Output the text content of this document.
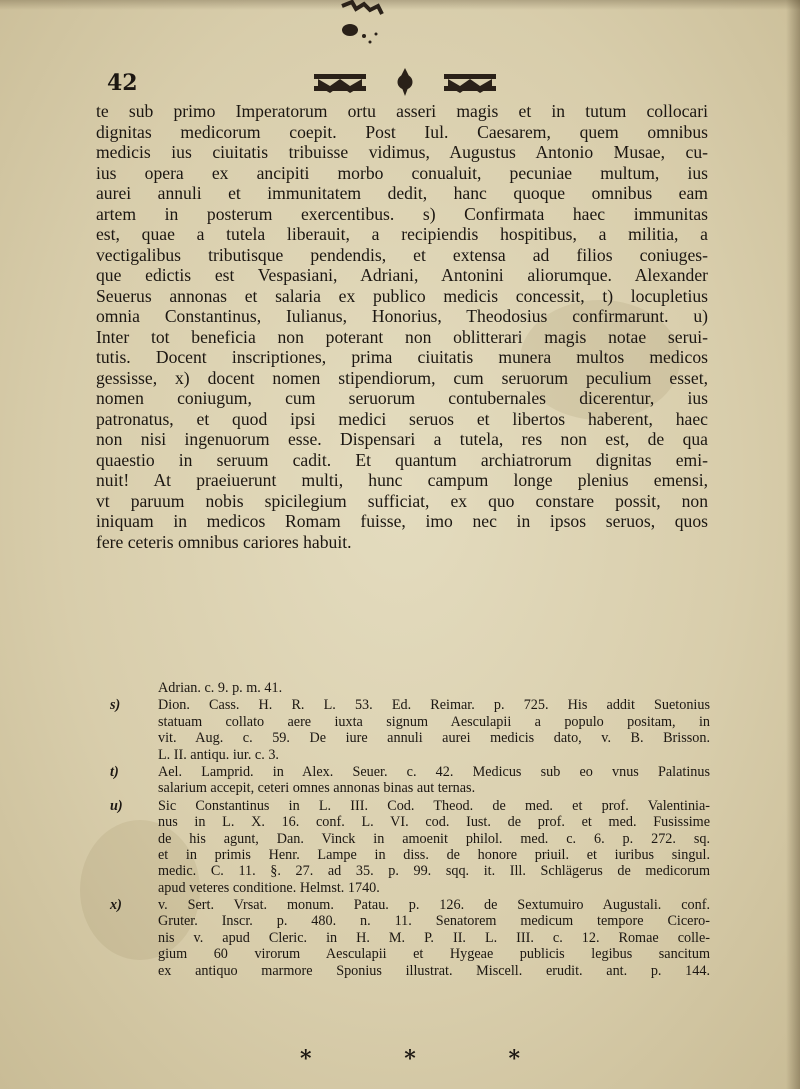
42
te sub primo Imperatorum ortu asseri magis et in tutum collocari
dignitas medicorum coepit. Post Iul. Caesarem, quem omnibus
medicis ius ciuitatis tribuisse vidimus, Augustus Antonio Musae, cu-
ius opera ex ancipiti morbo conualuit, pecuniae multum, ius
aurei annuli et immunitatem dedit, hanc quoque omnibus eam
artem in posterum exercentibus. s) Confirmata haec immunitas
est, quae a tutela liberauit, a recipiendis hospitibus, a militia, a
vectigalibus tributisque pendendis, et extensa ad filios coniuges-
que edictis est Vespasiani, Adriani, Antonini aliorumque. Alexander
Seuerus annonas et salaria ex publico medicis concessit, t) locupletius
omnia Constantinus, Iulianus, Honorius, Theodosius confirmarunt. u)
Inter tot beneficia non poterant non oblitterari magis notae serui-
tutis. Docent inscriptiones, prima ciuitatis munera multos medicos
gessisse, x) docent nomen stipendiorum, cum seruorum peculium esset,
nomen coniugum, cum seruorum contubernales dicerentur, ius
patronatus, et quod ipsi medici seruos et libertos haberent, haec
non nisi ingenuorum esse. Dispensari a tutela, res non est, de qua
quaestio in seruum cadit. Et quantum archiatrorum dignitas emi-
nuit! At praeiuerunt multi, hunc campum longe plenius emensi,
vt paruum nobis spicilegium sufficiat, ex quo constare possit, non
iniquam in medicos Romam fuisse, imo nec in ipsos seruos, quos
fere ceteris omnibus cariores habuit.
Adrian. c. 9. p. m. 41.
s)	Dion. Cass. H. R. L. 53. Ed. Reimar. p. 725. His addit Suetonius
statuam collato aere iuxta signum Aesculapii a populo positam, in
vit. Aug. c. 59. De iure annuli aurei medicis dato, v. B. Brisson.
L. II. antiqu. iur. c. 3.
t)	Ael. Lamprid. in Alex. Seuer. c. 42. Medicus sub eo vnus Palatinus
salarium accepit, ceteri omnes annonas binas aut ternas.
u)	Sic Constantinus in L. III. Cod. Theod. de med. et prof. Valentinia-
nus in L. X. 16. conf. L. VI. cod. Iust. de prof. et med. Fusissime
de his agunt, Dan. Vinck in amoenit philol. med. c. 6. p. 272. sq.
et in primis Henr. Lampe in diss. de honore priuil. et iuribus singul.
medic. C. 11. §. 27. ad 35. p. 99. sqq. it. Ill. Schlägerus de medicorum
apud veteres conditione. Helmst. 1740.
x)	v. Sert. Vrsat. monum. Patau. p. 126. de Sextumuiro Augustali. conf.
Gruter. Inscr. p. 480. n. 11. Senatorem medicum tempore Cicero-
nis v. apud Cleric. in H. M. P. II. L. III. c. 12. Romae colle-
gium 60 virorum Aesculapii et Hygeae publicis legibus sancitum
ex antiquo marmore Sponius illustrat. Miscell. erudit. ant. p. 144.
*	*	*
